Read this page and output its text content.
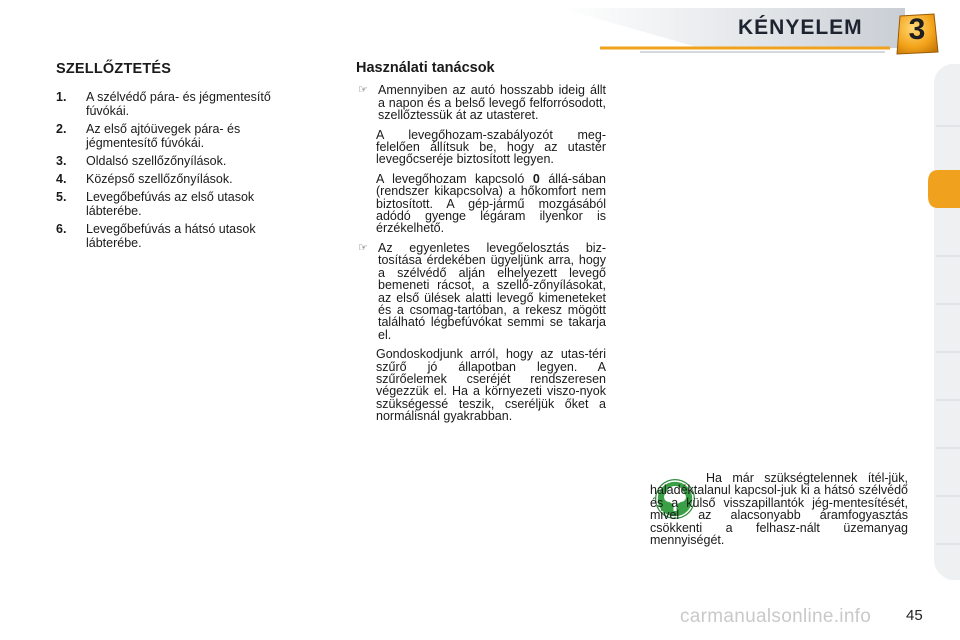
KÉNYELEM	3
SZELLŐZTETÉS
1.	A szélvédő pára- és jégmentesítő fúvókái.
2.	Az első ajtóüvegek pára- és jégmentesítő fúvókái.
3.	Oldalsó szellőzőnyílások.
4.	Középső szellőzőnyílások.
5.	Levegőbefúvás az első utasok lábterébe.
6.	Levegőbefúvás a hátsó utasok lábterébe.
Használati tanácsok
☞ Amennyiben az autó hosszabb ideig állt a napon és a belső levegő felforrósodott, szellőztessük át az utasteret.
A levegőhozam-szabályozót meg-felelően állítsuk be, hogy az utastér levegőcseréje biztosított legyen.
A levegőhozam kapcsoló 0 állá-sában (rendszer kikapcsolva) a hőkomfort nem biztosított. A gép-jármű mozgásából adódó gyenge légáram ilyenkor is érzékelhető.
☞ Az egyenletes levegőelosztás biz-tosítása érdekében ügyeljünk arra, hogy a szélvédő alján elhelyezett levegő bemeneti rácsot, a szellő-zőnyílásokat, az első ülések alatti levegő kimeneteket és a csomag-tartóban, a rekesz mögött található légbefúvókat semmi se takarja el.
Gondoskodjunk arról, hogy az utas-téri szűrő jó állapotban legyen. A szűrőelemek cseréjét rendszeresen végezzük el. Ha a környezeti viszo-nyok szükségessé teszik, cseréljük őket a normálisnál gyakrabban.
Ha már szükségtelennek ítél-jük, haladéktalanul kapcsol-juk ki a hátsó szélvédő és a külső visszapillantók jég-mentesítését, mivel az alacsonyabb áramfogyasztás csökkenti a felhasz-nált üzemanyag mennyiségét.
carmanualsonline.info 45
